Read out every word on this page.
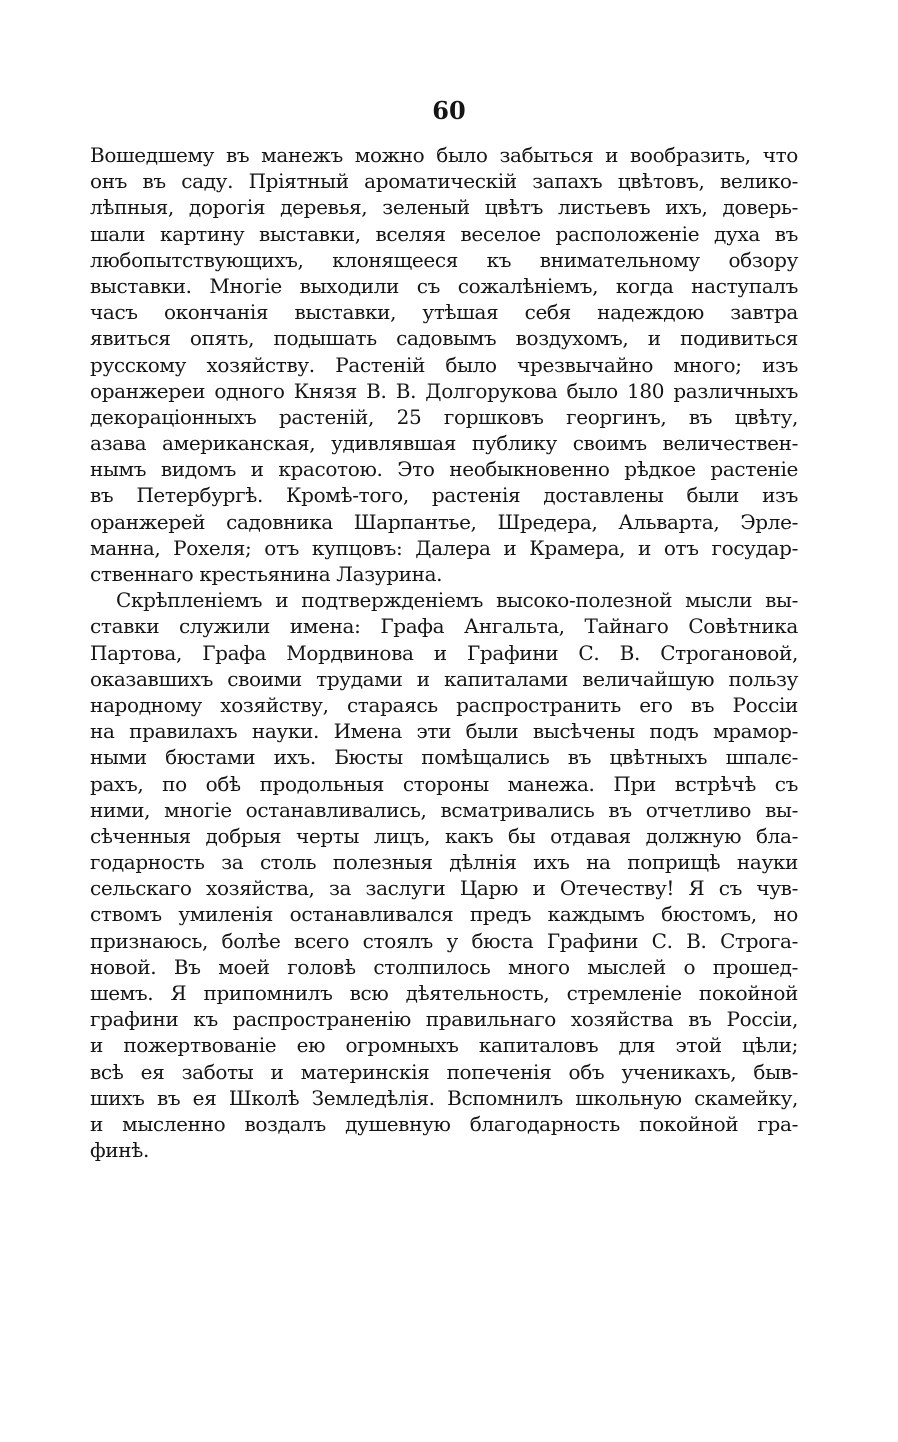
60
Вошедшему въ манежъ можно было забыться и вообразить, что
онъ въ саду. Пріятный ароматическій запахъ цвѣтовъ, велико-
лѣпныя, дорогія деревья, зеленый цвѣтъ листьевъ ихъ, доверь-
шали картину выставки, вселяя веселое расположеніе духа въ
любопытствующихъ, клонящееся къ внимательному обзору
выставки. Многіе выходили съ сожалѣніемъ, когда наступалъ
часъ окончанія выставки, утѣшая себя надеждою завтра
явиться опять, подышать садовымъ воздухомъ, и подивиться
русскому хозяйству. Растеній было чрезвычайно много; изъ
оранжереи одного Князя В. В. Долгорукова было 180 различныхъ
декораціонныхъ растеній, 25 горшковъ георгинъ, въ цвѣту,
азава американская, удивлявшая публику своимъ величествен-
нымъ видомъ и красотою. Это необыкновенно рѣдкое растеніе
въ Петербургѣ. Кромѣ-того, растенія доставлены были изъ
оранжерей садовника Шарпантье, Шредера, Альварта, Эрле-
манна, Рохеля; отъ купцовъ: Далера и Крамера, и отъ государ-
ственнаго крестьянина Лазурина.
Скрѣпленіемъ и подтвержденіемъ высоко-полезной мысли вы-
ставки служили имена: Графа Ангальта, Тайнаго Совѣтника
Партова, Графа Мордвинова и Графини С. В. Строгановой,
оказавшихъ своими трудами и капиталами величайшую пользу
народному хозяйству, стараясь распространить его въ Россіи
на правилахъ науки. Имена эти были высѣчены подъ мрамор-
ными бюстами ихъ. Бюсты помѣщались въ цвѣтныхъ шпалє-
рахъ, по обѣ продольныя стороны манежа. При встрѣчѣ съ
ними, многіе останавливались, всматривались въ отчетливо вы-
сѣченныя добрыя черты лицъ, какъ бы отдавая должную бла-
годарность за столь полезныя дѣлнія ихъ на поприщѣ науки
сельскаго хозяйства, за заслуги Царю и Отечеству! Я съ чув-
ствомъ умиленія останавливался предъ каждымъ бюстомъ, но
признаюсь, болѣе всего стоялъ у бюста Графини С. В. Строга-
новой. Въ моей головѣ столпилось много мыслей о прошед-
шемъ. Я припомнилъ всю дѣятельность, стремленіе покойной
графини къ распространенію правильнаго хозяйства въ Россіи,
и пожертвованіе ею огромныхъ капиталовъ для этой цѣли;
всѣ ея заботы и материнскія попеченія объ ученикахъ, быв-
шихъ въ ея Школѣ Земледѣлія. Вспомнилъ школьную скамейку,
и мысленно воздалъ душевную благодарность покойной гра-
финѣ.
